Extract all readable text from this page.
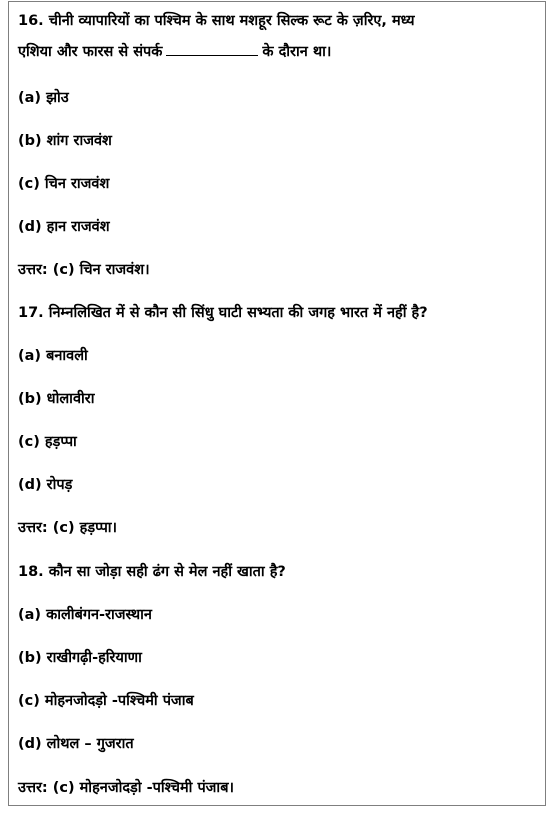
16. चीनी व्यापारियों का पश्चिम के साथ मशहूर सिल्क रूट के ज़रिए, मध्य
एशिया और फारस से संपर्क	के दौरान था।
(a) झोउ
(b) शांग राजवंश
(c) चिन राजवंश
(d) हान राजवंश
उत्तर: (c) चिन राजवंश।
17. निम्नलिखित में से कौन सी सिंधु घाटी सभ्यता की जगह भारत में नहीं है?
(a) बनावली
(b) धोलावीरा
(c) हड़प्पा
(d) रोपड़
उत्तर: (c) हड़प्पा।
18. कौन सा जोड़ा सही ढंग से मेल नहीं खाता है?
(a) कालीबंगन-राजस्थान
(b) राखीगढ़ी-हरियाणा
(c) मोहनजोदड़ो -पश्चिमी पंजाब
(d) लोथल – गुजरात
उत्तर: (c) मोहनजोदड़ो -पश्चिमी पंजाब।
